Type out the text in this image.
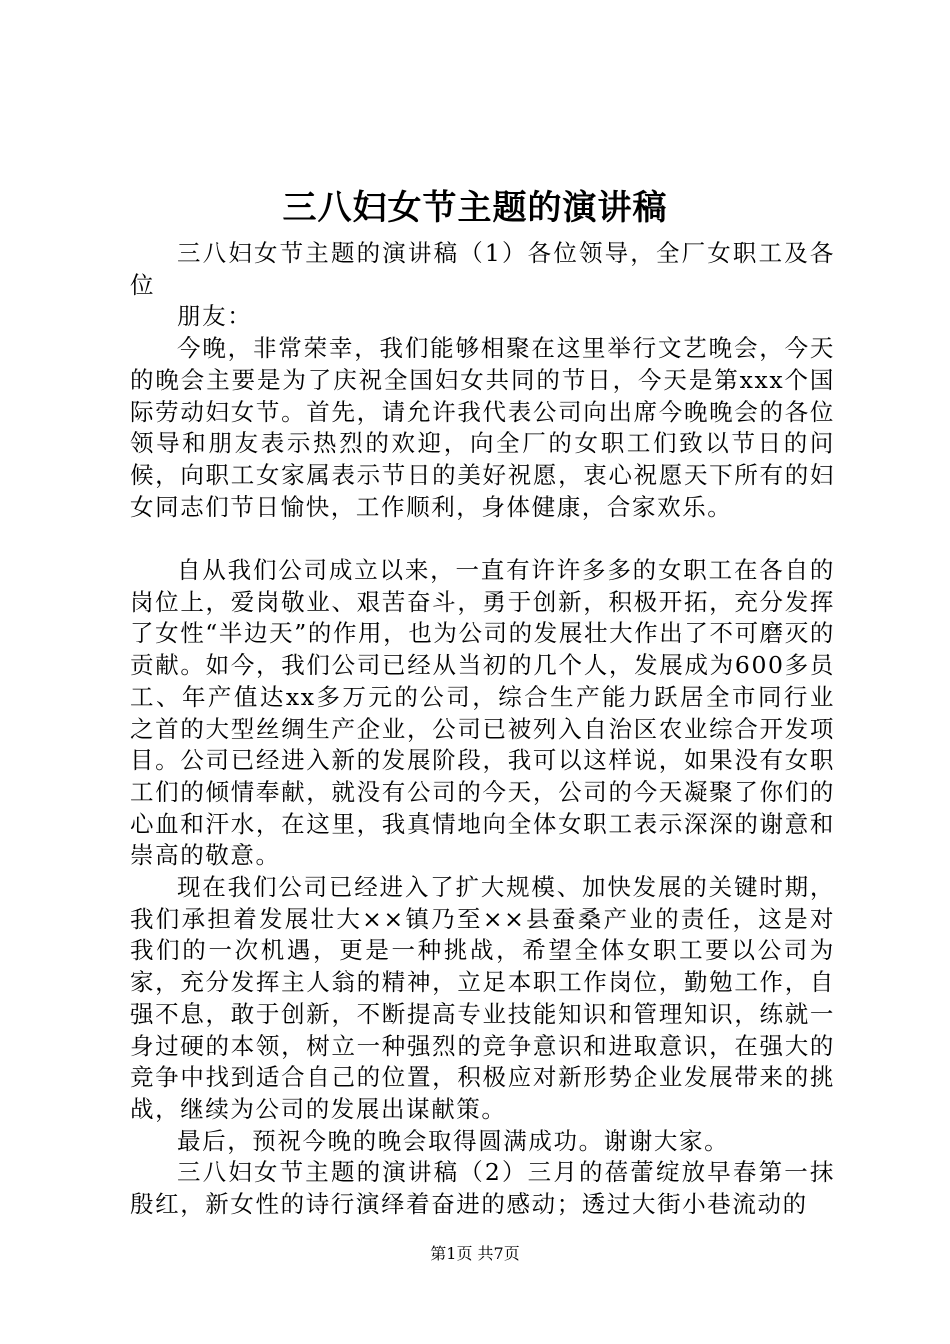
三八妇女节主题的演讲稿

三八妇女节主题的演讲稿（1）各位领导，全厂女职工及各位

朋友：

今晚，非常荣幸，我们能够相聚在这里举行文艺晚会，今天的晚会主要是为了庆祝全国妇女共同的节日，今天是第xxx个国际劳动妇女节。首先，请允许我代表公司向出席今晚晚会的各位领导和朋友表示热烈的欢迎，向全厂的女职工们致以节日的问候，向职工女家属表示节日的美好祝愿，衷心祝愿天下所有的妇女同志们节日愉快，工作顺利，身体健康，合家欢乐。

自从我们公司成立以来，一直有许许多多的女职工在各自的岗位上，爱岗敬业、艰苦奋斗，勇于创新，积极开拓，充分发挥了女性“半边天”的作用，也为公司的发展壮大作出了不可磨灭的贡献。如今，我们公司已经从当初的几个人，发展成为600多员工、年产值达xx多万元的公司，综合生产能力跃居全市同行业之首的大型丝绸生产企业，公司已被列入自治区农业综合开发项目。公司已经进入新的发展阶段，我可以这样说，如果没有女职工们的倾情奉献，就没有公司的今天，公司的今天凝聚了你们的心血和汗水，在这里，我真情地向全体女职工表示深深的谢意和崇高的敬意。

现在我们公司已经进入了扩大规模、加快发展的关键时期，我们承担着发展壮大××镇乃至××县蚕桑产业的责任，这是对我们的一次机遇，更是一种挑战，希望全体女职工要以公司为家，充分发挥主人翁的精神，立足本职工作岗位，勤勉工作，自强不息，敢于创新，不断提高专业技能知识和管理知识，练就一身过硬的本领，树立一种强烈的竞争意识和进取意识，在强大的竞争中找到适合自己的位置，积极应对新形势企业发展带来的挑战，继续为公司的发展出谋献策。

最后，预祝今晚的晚会取得圆满成功。谢谢大家。

三八妇女节主题的演讲稿（2）三月的蓓蕾绽放早春第一抹殷红，新女性的诗行演绎着奋进的感动；透过大街小巷流动的

第1页 共7页
